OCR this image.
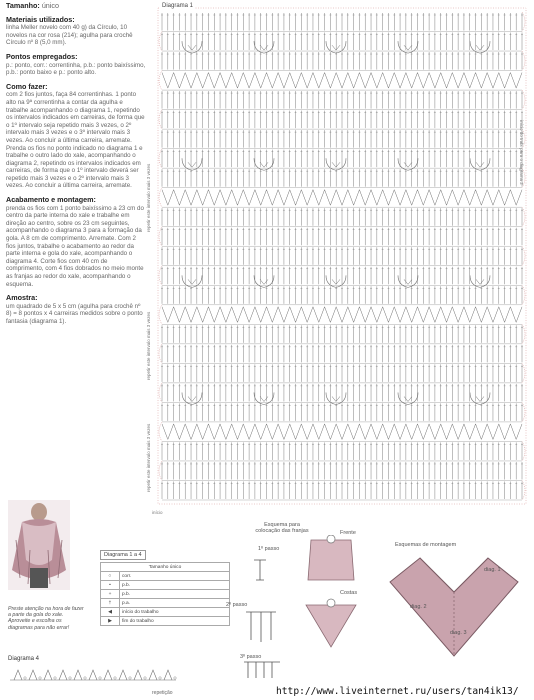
Tamanho: único
Materiais utilizados:

linha Meller novelo com 40 g) da Círculo, 10 novelos na cor rosa (214); agulha para crochê Círculo nº 8 (5,0 mm).

Pontos empregados:

p.: ponto, corr.: correntinha, p.b.: ponto baixíssimo, p.b.: ponto baixo e p.: ponto alto.

Como fazer:

com 2 fios juntos, faça 84 correntinhas. 1 ponto alto na 9ª correntinha a contar da agulha e trabalhe acompanhando o diagrama 1, repetindo os intervalos indicados em carreiras, de forma que o 1º intervalo seja repetido mais 3 vezes, o 2º intervalo mais 3 vezes e o 3º intervalo mais 3 vezes. Ao concluir a última carreira, arremate. Prenda os fios no ponto indicado no diagrama 1 e trabalhe o outro lado do xale, acompanhando o diagrama 2, repetindo os intervalos indicados em carreiras, de forma que o 1º intervalo deverá ser repetido mais 3 vezes e o 2º intervalo mais 3 vezes. Ao concluir a última carreira, arremate.

Acabamento e montagem:

prenda os fios com 1 ponto baixíssimo a 23 cm do centro da parte interna do xale e trabalhe em direção ao centro, sobre os 23 cm seguintes, acompanhando o diagrama 3 para a formação da gola. A 8 cm de comprimento. Arremate. Com 2 fios juntos, trabalhe o acabamento ao redor da parte interna e gola do xale, acompanhando o diagrama 4. Corte fios com 40 cm de comprimento, com 4 fios dobrados no meio monte as franjas ao redor do xale, acompanhando o esquema.

Amostra:

um quadrado de 5 x 5 cm (agulha para crochê nº 8) = 8 pontos x 4 carreiras medidos sobre o ponto fantasia (diagrama 1).

Diagrama 1
início do trab. para o diagrama 2
repetir este intervalo mais 3 vezes
repetir este intervalo mais 3 vezes
repetir este intervalo mais 3 vezes
início
Preste atenção na hora de fazer a parte da gola do xale. Aproveite e escolha os diagramas para não errar!
Diagrama 1 a 4
Tamanho único	
○	corr.
•	p.b.
+	p.b.
†	p.a.
◀	início do trabalho
▶	fim do trabalho
Esquema para colocação das franjas
1º passo
2º passo
3º passo
Frente
Costas
Esquemas de montagem
diag. 1
diag. 2
diag. 3
Diagrama 4
repetição	http://www.liveinternet.ru/users/tan4ik13/
